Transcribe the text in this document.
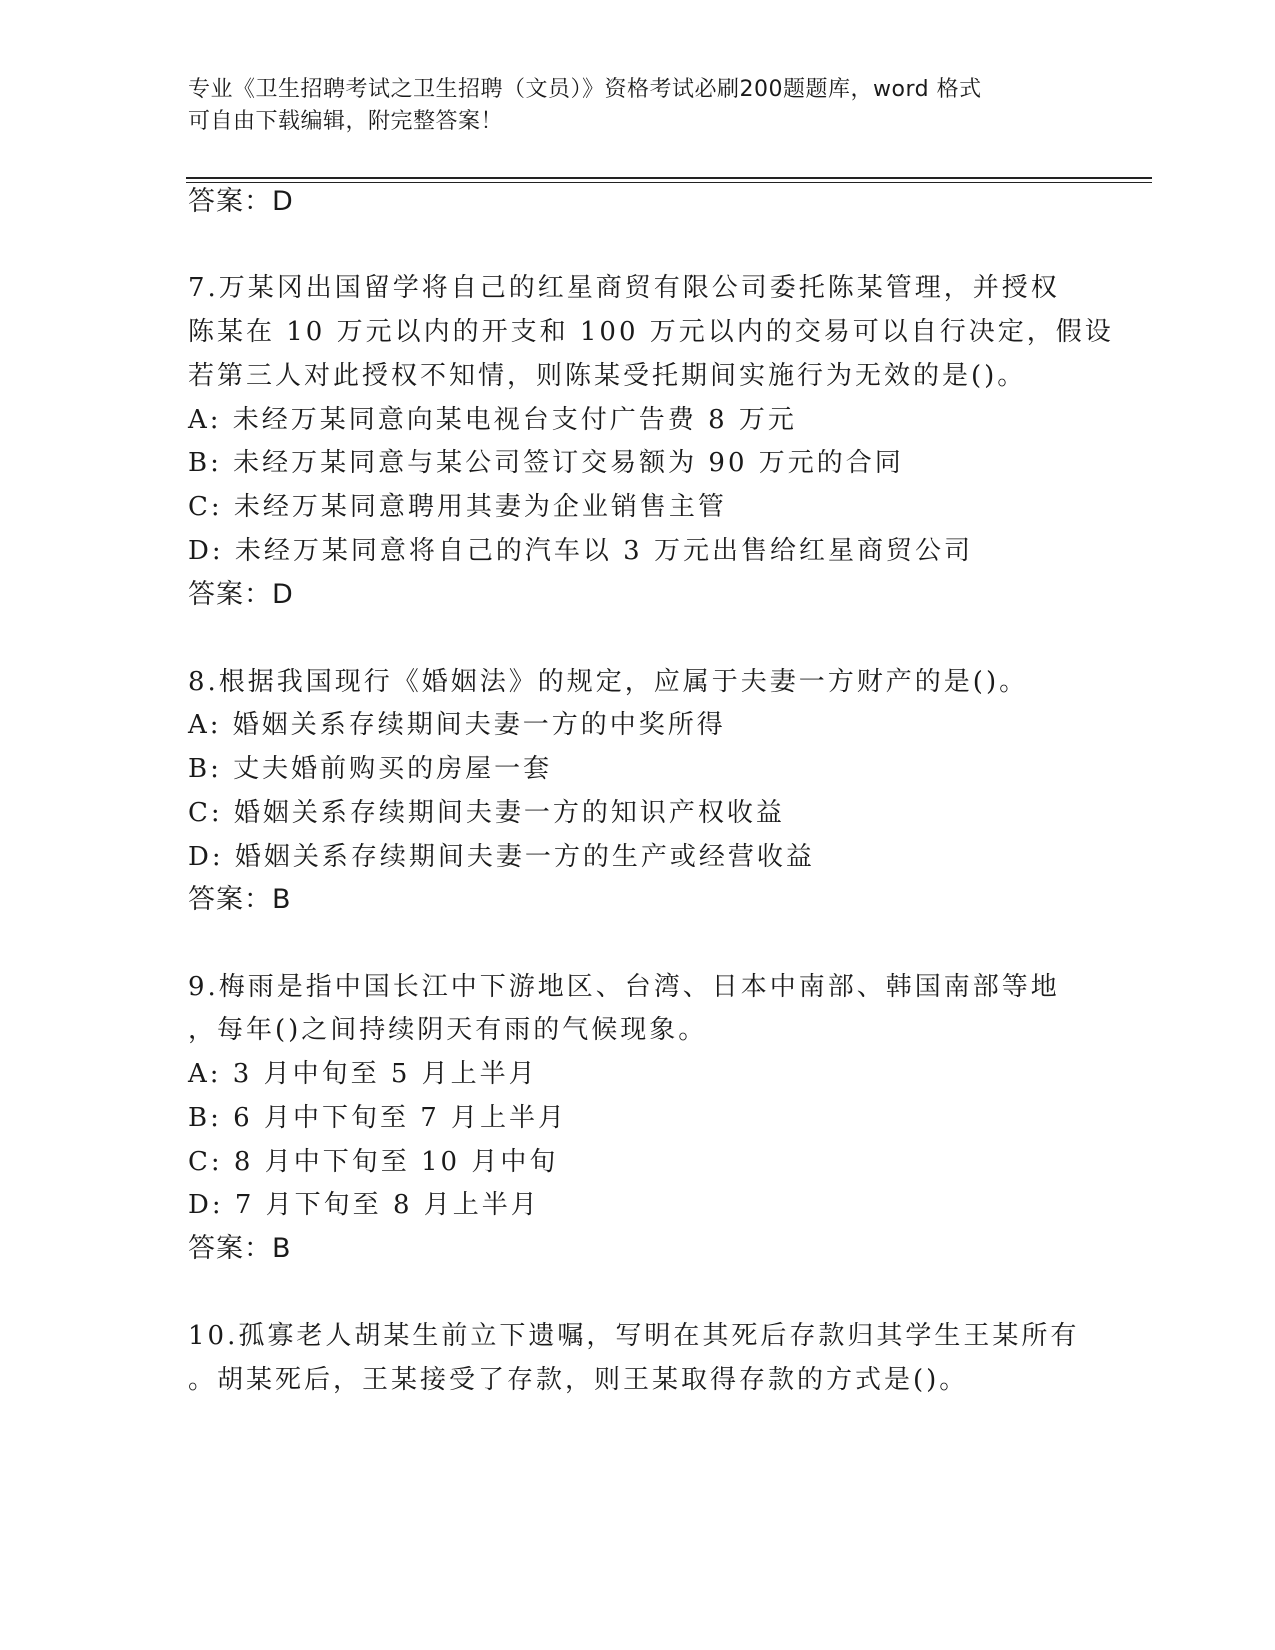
专业《卫生招聘考试之卫生招聘（文员）》资格考试必刷200题题库，word 格式
可自由下载编辑，附完整答案！
答案：D
7.万某冈出国留学将自己的红星商贸有限公司委托陈某管理，并授权
陈某在 10 万元以内的开支和 100 万元以内的交易可以自行决定，假设
若第三人对此授权不知情，则陈某受托期间实施行为无效的是()。
A: 未经万某同意向某电视台支付广告费 8 万元
B: 未经万某同意与某公司签订交易额为 90 万元的合同
C: 未经万某同意聘用其妻为企业销售主管
D: 未经万某同意将自己的汽车以 3 万元出售给红星商贸公司
答案：D
8.根据我国现行《婚姻法》的规定，应属于夫妻一方财产的是()。
A: 婚姻关系存续期间夫妻一方的中奖所得
B: 丈夫婚前购买的房屋一套
C: 婚姻关系存续期间夫妻一方的知识产权收益
D: 婚姻关系存续期间夫妻一方的生产或经营收益
答案：B
9.梅雨是指中国长江中下游地区、台湾、日本中南部、韩国南部等地
，每年()之间持续阴天有雨的气候现象。
A: 3 月中旬至 5 月上半月
B: 6 月中下旬至 7 月上半月
C: 8 月中下旬至 10 月中旬
D: 7 月下旬至 8 月上半月
答案：B
10.孤寡老人胡某生前立下遗嘱，写明在其死后存款归其学生王某所有
。胡某死后，王某接受了存款，则王某取得存款的方式是()。
